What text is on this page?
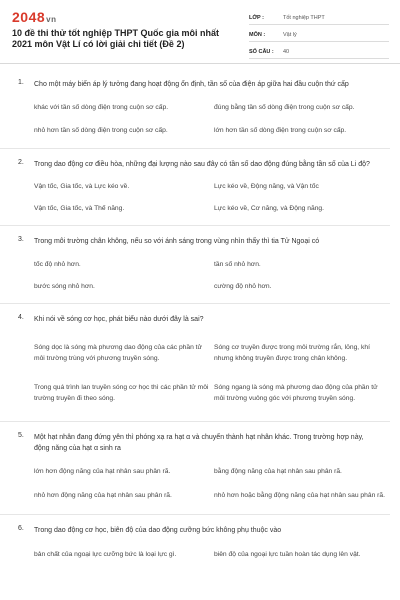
2048vn
10 đề thi thử tốt nghiệp THPT Quốc gia môi nhất 2021 môn Vật Lí có lời giải chi tiết (Đề 2)
LỚP :	Tốt nghiệp THPT
MÔN :	Vật lý
SỐ CÂU :	40
1. Cho một máy biến áp lý tưởng đang hoạt động ổn định, tần số của điện áp giữa hai đầu cuộn thứ cấp
khác với tần số dòng điện trong cuộn sơ cấp.	đúng bằng tần số dòng điện trong cuộn sơ cấp.
nhỏ hơn tần số dòng điện trong cuộn sơ cấp.	lớn hơn tần số dòng điện trong cuộn sơ cấp.
2. Trong dao động cơ điều hòa, những đại lượng nào sau đây có tần số dao động đúng bằng tần số của Li độ?
Vận tốc, Gia tốc, và Lực kéo về.	Lực kéo về, Động năng, và Vận tốc
Vận tốc, Gia tốc, và Thế năng.	Lực kéo về, Cơ năng, và Động năng.
3. Trong môi trường chân không, nếu so với ánh sáng trong vùng nhìn thấy thì tia Tử Ngoại có
tốc độ nhỏ hơn.	tần số nhỏ hơn.
bước sóng nhỏ hơn.	cường độ nhỏ hơn.
4. Khi nói về sóng cơ học, phát biểu nào dưới đây là sai?
Sóng dọc là sóng mà phương dao động của các phần tử môi trường trùng với phương truyền sóng.
Sóng cơ truyền được trong môi trường rắn, lỏng, khí nhưng không truyền được trong chân không.
Trong quá trình lan truyền sóng cơ học thì các phần tử môi trường truyền đi theo sóng.
Sóng ngang là sóng mà phương dao động của phần tử môi trường vuông góc với phương truyền sóng.
5. Một hạt nhân đang đứng yên thì phóng xạ ra hạt α và chuyển thành hạt nhân khác. Trong trường hợp này, động năng của hạt α sinh ra
lớn hơn động năng của hạt nhân sau phân rã.	bằng động năng của hạt nhân sau phân rã.
nhỏ hơn động năng của hạt nhân sau phân rã.	nhỏ hơn hoặc bằng động năng của hạt nhân sau phân rã.
6. Trong dao động cơ học, biên độ của dao động cưỡng bức không phụ thuộc vào
bản chất của ngoại lực cưỡng bức là loại lực gì.	biên độ của ngoại lực tuần hoàn tác dụng lên vật.
